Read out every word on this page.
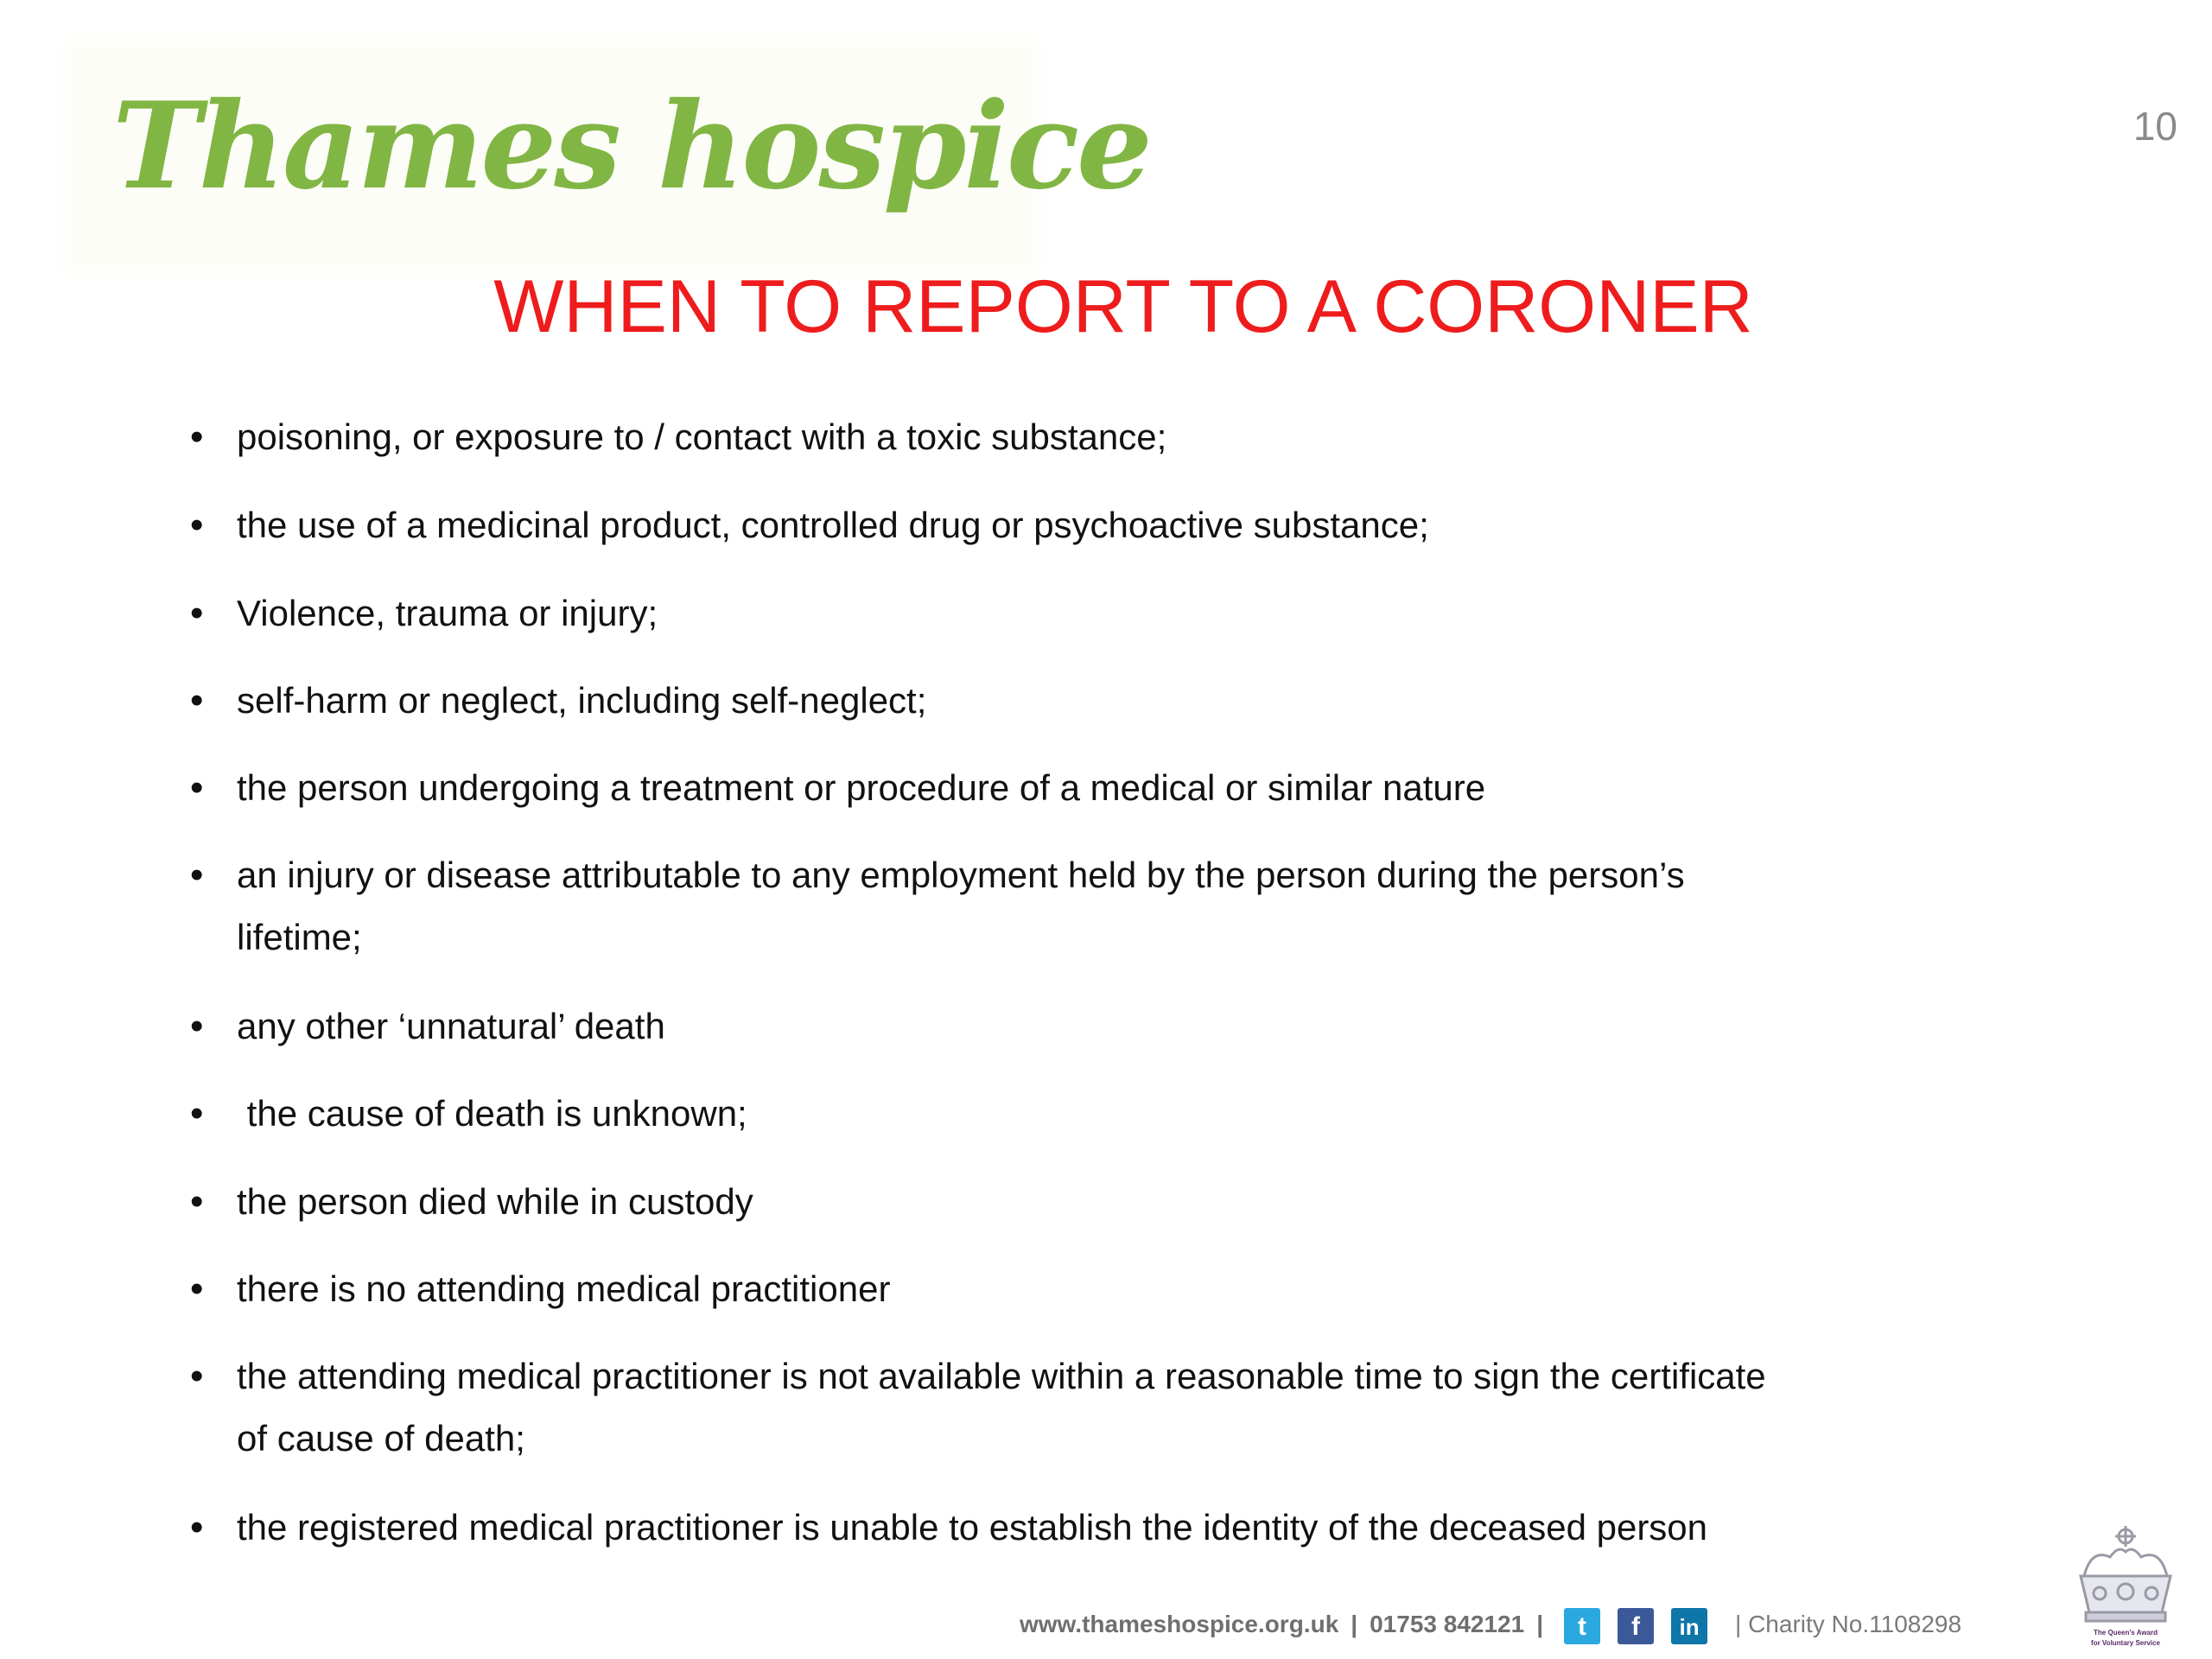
Thames hospice	10
WHEN TO REPORT TO A CORONER
• poisoning, or exposure to / contact with a toxic substance;
• the use of a medicinal product, controlled drug or psychoactive substance;
• Violence, trauma or injury;
• self-harm or neglect, including self-neglect;
• the person undergoing a treatment or procedure of a medical or similar nature
• an injury or disease attributable to any employment held by the person during the person’s
lifetime;
• any other ‘unnatural’ death
• the cause of death is unknown;
• the person died while in custody
• there is no attending medical practitioner
• the attending medical practitioner is not available within a reasonable time to sign the certificate
of cause of death;
• the registered medical practitioner is unable to establish the identity of the deceased person
www.thameshospice.org.uk | 01753 842121 | t f in | Charity No.1108298	The Queen's Award
for Voluntary Service
